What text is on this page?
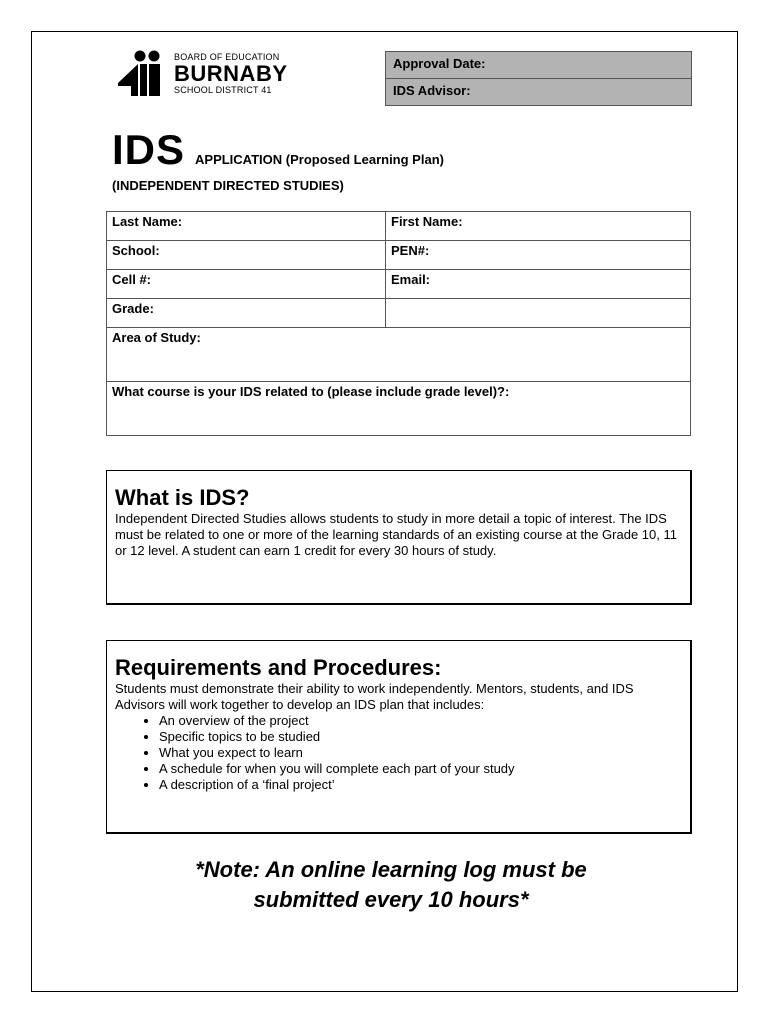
BOARD OF EDUCATION
BURNABY
SCHOOL DISTRICT 41
Approval Date:
IDS Advisor:
IDS APPLICATION (Proposed Learning Plan)
(INDEPENDENT DIRECTED STUDIES)
Last Name:	First Name:
School:	PEN#:
Cell #:	Email:
Grade:	
Area of Study:	
What course is your IDS related to (please include grade level)?:	
What is IDS?

Independent Directed Studies allows students to study in more detail a topic of interest. The IDS must be related to one or more of the learning standards of an existing course at the Grade 10, 11 or 12 level. A student can earn 1 credit for every 30 hours of study.

Requirements and Procedures:

Students must demonstrate their ability to work independently. Mentors, students, and IDS Advisors will work together to develop an IDS plan that includes:

• An overview of the project
• Specific topics to be studied
• What you expect to learn
• A schedule for when you will complete each part of your study
• A description of a ‘final project’
*Note: An online learning log must be
submitted every 10 hours*
